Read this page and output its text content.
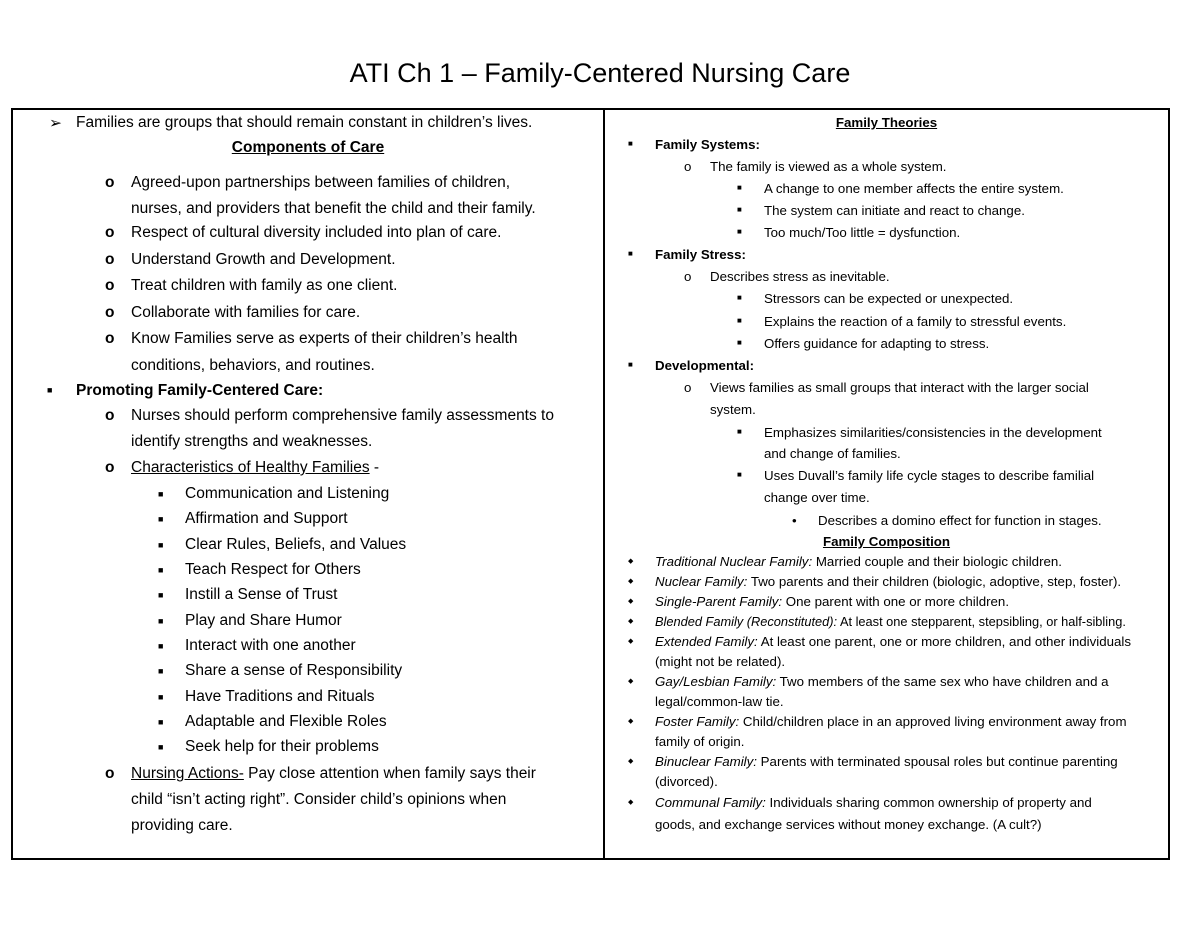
ATI Ch 1 – Family-Centered Nursing Care
➢ Families are groups that should remain constant in children’s lives.
Components of Care
o Agreed-upon partnerships between families of children,
nurses, and providers that benefit the child and their family.
o Respect of cultural diversity included into plan of care.
o Understand Growth and Development.
o Treat children with family as one client.
o Collaborate with families for care.
o Know Families serve as experts of their children’s health
conditions, behaviors, and routines.
■ Promoting Family-Centered Care:
o Nurses should perform comprehensive family assessments to
identify strengths and weaknesses.
o Characteristics of Healthy Families -
■ Communication and Listening
■ Affirmation and Support
■ Clear Rules, Beliefs, and Values
■ Teach Respect for Others
■ Instill a Sense of Trust
■ Play and Share Humor
■ Interact with one another
■ Share a sense of Responsibility
■ Have Traditions and Rituals
■ Adaptable and Flexible Roles
■ Seek help for their problems
o Nursing Actions- Pay close attention when family says their
child “isn’t acting right”. Consider child’s opinions when
providing care.
Family Theories
■ Family Systems:
o The family is viewed as a whole system.
■ A change to one member affects the entire system.
■ The system can initiate and react to change.
■ Too much/Too little = dysfunction.
■ Family Stress:
o Describes stress as inevitable.
■ Stressors can be expected or unexpected.
■ Explains the reaction of a family to stressful events.
■ Offers guidance for adapting to stress.
■ Developmental:
o Views families as small groups that interact with the larger social
system.
■ Emphasizes similarities/consistencies in the development
and change of families.
■ Uses Duvall’s family life cycle stages to describe familial
change over time.
• Describes a domino effect for function in stages.
Family Composition
◆ Traditional Nuclear Family: Married couple and their biologic children.
◆ Nuclear Family: Two parents and their children (biologic, adoptive, step, foster).
◆ Single-Parent Family: One parent with one or more children.
◆ Blended Family (Reconstituted): At least one stepparent, stepsibling, or half-sibling.
◆ Extended Family: At least one parent, one or more children, and other individuals
(might not be related).
◆ Gay/Lesbian Family: Two members of the same sex who have children and a
legal/common-law tie.
◆ Foster Family: Child/children place in an approved living environment away from
family of origin.
◆ Binuclear Family: Parents with terminated spousal roles but continue parenting
(divorced).
◆ Communal Family: Individuals sharing common ownership of property and
goods, and exchange services without money exchange. (A cult?)
